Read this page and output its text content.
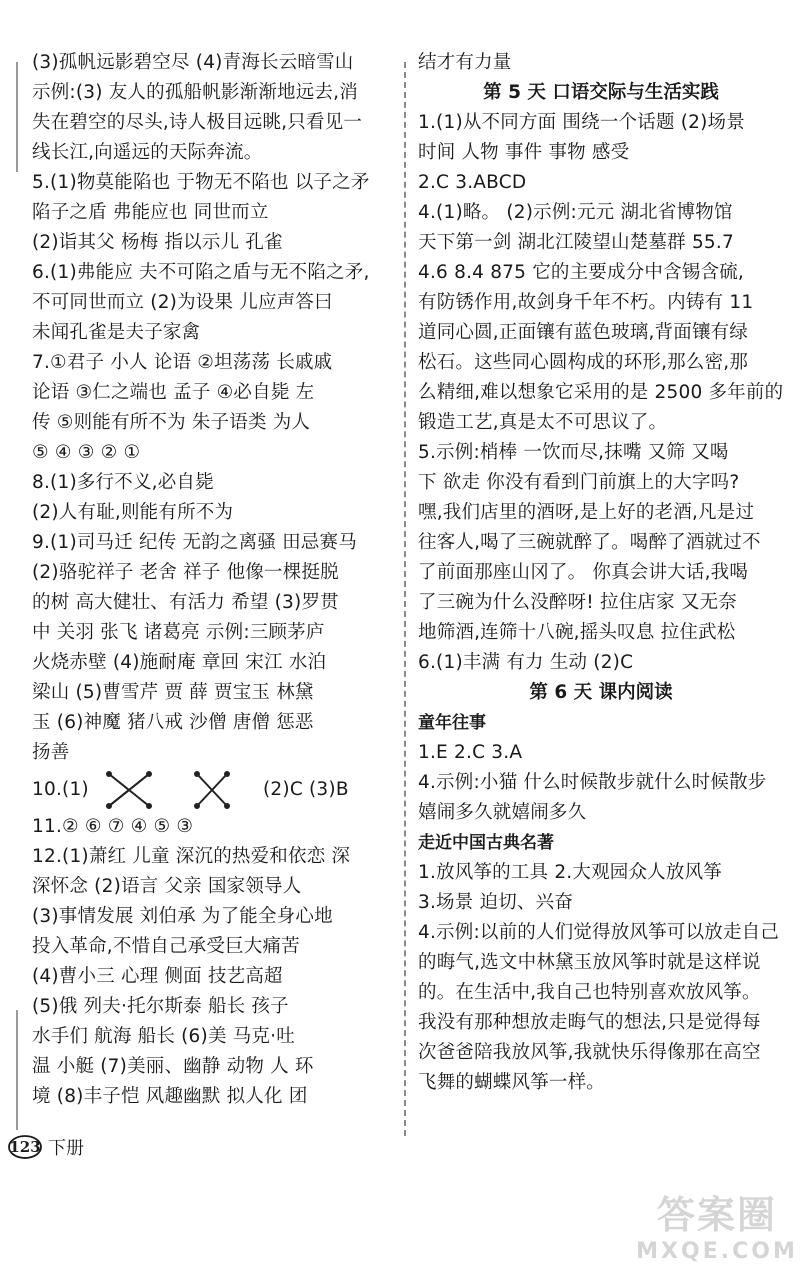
(3)孤帆远影碧空尽 (4)青海长云暗雪山
示例:(3) 友人的孤船帆影渐渐地远去,消
失在碧空的尽头,诗人极目远眺,只看见一
线长江,向遥远的天际奔流。
5.(1)物莫能陷也 于物无不陷也 以子之矛
陷子之盾 弗能应也 同世而立
(2)诣其父 杨梅 指以示儿 孔雀
6.(1)弗能应 夫不可陷之盾与无不陷之矛,
不可同世而立 (2)为设果 儿应声答曰
未闻孔雀是夫子家禽
7.①君子 小人 论语 ②坦荡荡 长戚戚
论语 ③仁之端也 孟子 ④必自毙 左
传 ⑤则能有所不为 朱子语类 为人
⑤ ④ ③ ② ①
8.(1)多行不义,必自毙
(2)人有耻,则能有所不为
9.(1)司马迁 纪传 无韵之离骚 田忌赛马
(2)骆驼祥子 老舍 祥子 他像一棵挺脱
的树 高大健壮、有活力 希望 (3)罗贯
中 关羽 张飞 诸葛亮 示例:三顾茅庐
火烧赤壁 (4)施耐庵 章回 宋江 水泊
梁山 (5)曹雪芹 贾 薛 贾宝玉 林黛
玉 (6)神魔 猪八戒 沙僧 唐僧 惩恶
扬善
10.(1)	(2)C (3)B
11.② ⑥ ⑦ ④ ⑤ ③
12.(1)萧红 儿童 深沉的热爱和依恋 深
深怀念 (2)语言 父亲 国家领导人
(3)事情发展 刘伯承 为了能全身心地
投入革命,不惜自己承受巨大痛苦
(4)曹小三 心理 侧面 技艺高超
(5)俄 列夫·托尔斯泰 船长 孩子
水手们 航海 船长 (6)美 马克·吐
温 小艇 (7)美丽、幽静 动物 人 环
境 (8)丰子恺 风趣幽默 拟人化 团
结才有力量
第 5 天 口语交际与生活实践
1.(1)从不同方面 围绕一个话题 (2)场景
时间 人物 事件 事物 感受
2.C 3.ABCD
4.(1)略。 (2)示例:元元 湖北省博物馆
天下第一剑 湖北江陵望山楚墓群 55.7
4.6 8.4 875 它的主要成分中含锡含硫,
有防锈作用,故剑身千年不朽。内铸有 11
道同心圆,正面镶有蓝色玻璃,背面镶有绿
松石。这些同心圆构成的环形,那么密,那
么精细,难以想象它采用的是 2500 多年前的
锻造工艺,真是太不可思议了。
5.示例:梢棒 一饮而尽,抹嘴 又筛 又喝
下 欲走 你没有看到门前旗上的大字吗?
嘿,我们店里的酒呀,是上好的老酒,凡是过
往客人,喝了三碗就醉了。喝醉了酒就过不
了前面那座山冈了。 你真会讲大话,我喝
了三碗为什么没醉呀! 拉住店家 又无奈
地筛酒,连筛十八碗,摇头叹息 拉住武松
6.(1)丰满 有力 生动 (2)C
第 6 天 课内阅读
童年往事
1.E 2.C 3.A
4.示例:小猫 什么时候散步就什么时候散步
嬉闹多久就嬉闹多久
走近中国古典名著
1.放风筝的工具 2.大观园众人放风筝
3.场景 迫切、兴奋
4.示例:以前的人们觉得放风筝可以放走自己
的晦气,选文中林黛玉放风筝时就是这样说
的。在生活中,我自己也特别喜欢放风筝。
我没有那种想放走晦气的想法,只是觉得每
次爸爸陪我放风筝,我就快乐得像那在高空
飞舞的蝴蝶风筝一样。
123 下册
答案圈
MXQE.COM
